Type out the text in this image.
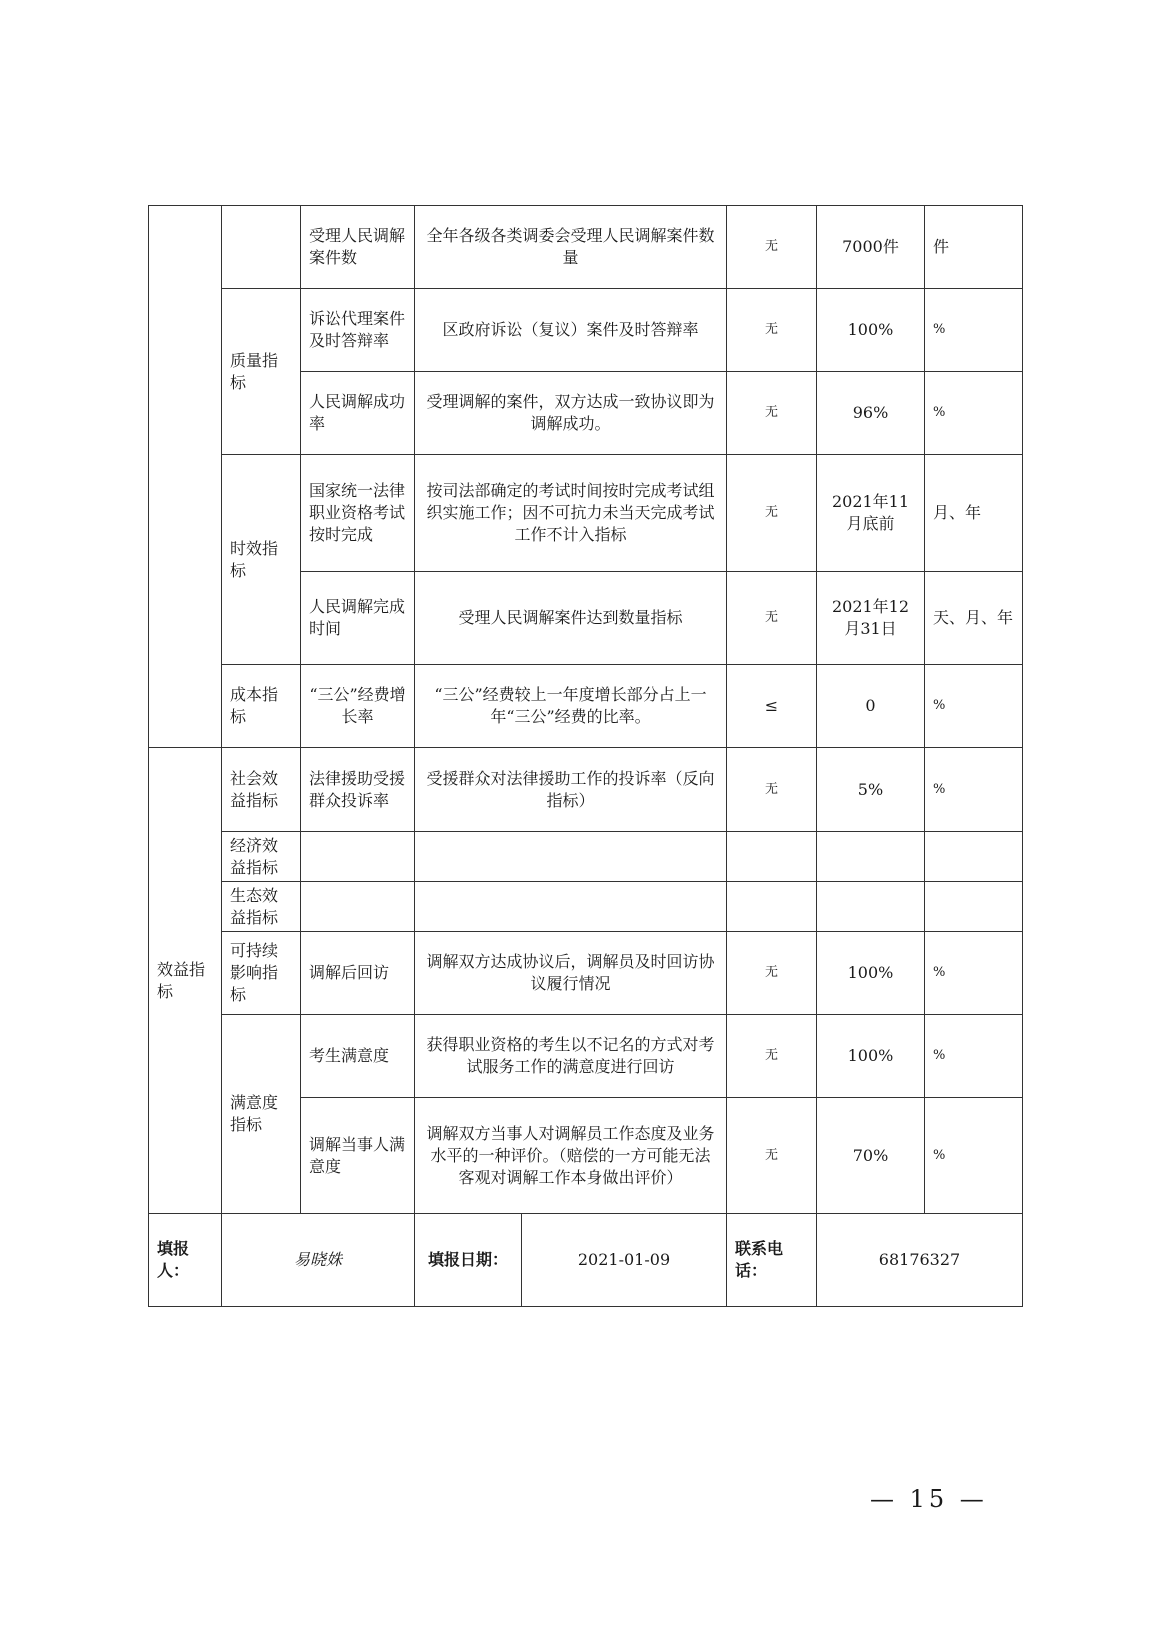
		受理人民调解案件数	全年各级各类调委会受理人民调解案件数量		无	7000件	件
	质量指标	诉讼代理案件及时答辩率	区政府诉讼（复议）案件及时答辩率		无	100%	%
		人民调解成功率	受理调解的案件，双方达成一致协议即为调解成功。		无	96%	%
	时效指标	国家统一法律职业资格考试按时完成	按司法部确定的考试时间按时完成考试组织实施工作；因不可抗力未当天完成考试工作不计入指标		无	2021年11月底前	月、年
		人民调解完成时间	受理人民调解案件达到数量指标		无	2021年12月31日	天、月、年
	成本指标	“三公”经费增长率	“三公”经费较上一年度增长部分占上一年“三公”经费的比率。		≤	0	%

效益指标	社会效益指标	法律援助受援群众投诉率	受援群众对法律援助工作的投诉率（反向指标）		无	5%	%
	经济效益指标						
	生态效益指标						
	可持续影响指标	调解后回访	调解双方达成协议后，调解员及时回访协议履行情况		无	100%	%
	满意度指标	考生满意度	获得职业资格的考生以不记名的方式对考试服务工作的满意度进行回访		无	100%	%
		调解当事人满意度	调解双方当事人对调解员工作态度及业务水平的一种评价。（赔偿的一方可能无法客观对调解工作本身做出评价）		无	70%	%

填报人：	易晓姝		填报日期：	2021-01-09	联系电话：	68176327	
— 15 —
